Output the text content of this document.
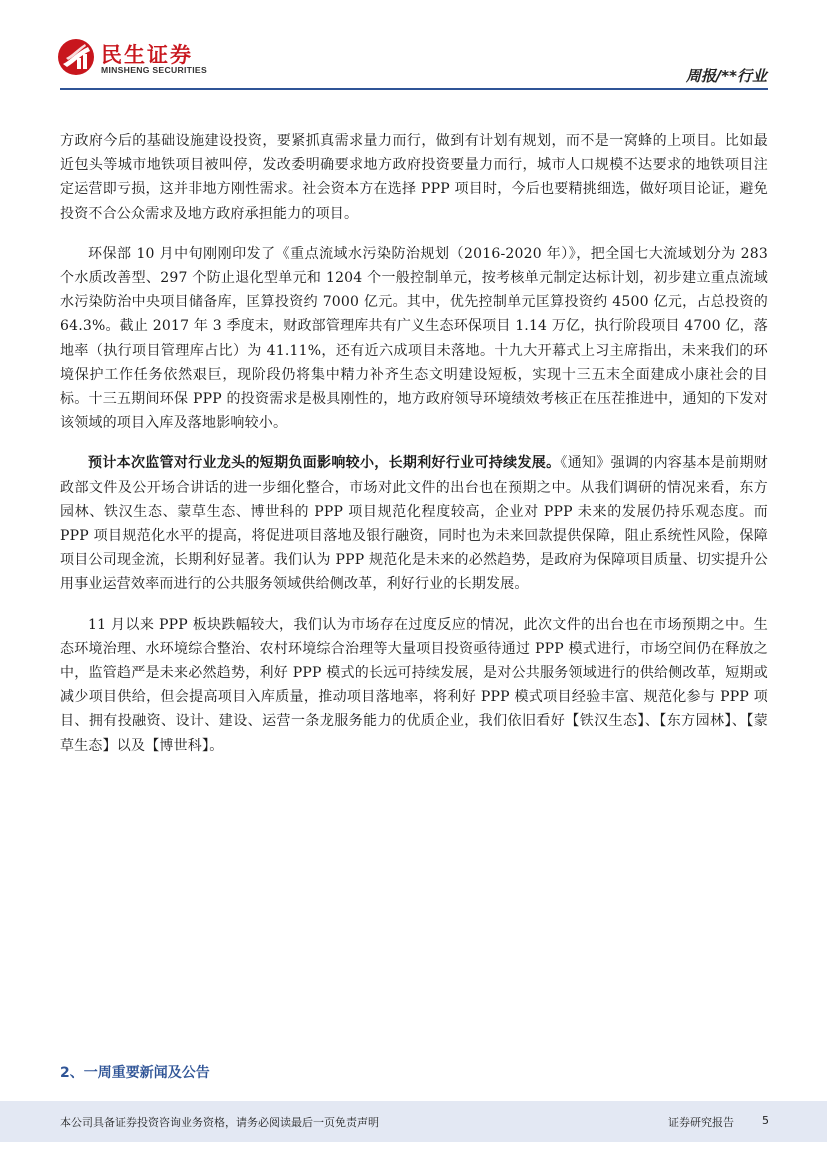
民生证券
MINSHENG SECURITIES	周报/**行业

方政府今后的基础设施建设投资，要紧抓真需求量力而行，做到有计划有规划，而不是一窝蜂的上项目。比如最近包头等城市地铁项目被叫停，发改委明确要求地方政府投资要量力而行，城市人口规模不达要求的地铁项目注定运营即亏损，这并非地方刚性需求。社会资本方在选择 PPP 项目时，今后也要精挑细选，做好项目论证，避免投资不合公众需求及地方政府承担能力的项目。

环保部 10 月中旬刚刚印发了《重点流域水污染防治规划（2016-2020 年）》，把全国七大流域划分为 283 个水质改善型、297 个防止退化型单元和 1204 个一般控制单元，按考核单元制定达标计划，初步建立重点流域水污染防治中央项目储备库，匡算投资约 7000 亿元。其中，优先控制单元匡算投资约 4500 亿元，占总投资的 64.3%。截止 2017 年 3 季度末，财政部管理库共有广义生态环保项目 1.14 万亿，执行阶段项目 4700 亿，落地率（执行项目管理库占比）为 41.11%，还有近六成项目未落地。十九大开幕式上习主席指出，未来我们的环境保护工作任务依然艰巨，现阶段仍将集中精力补齐生态文明建设短板，实现十三五末全面建成小康社会的目标。十三五期间环保 PPP 的投资需求是极具刚性的，地方政府领导环境绩效考核正在压茬推进中，通知的下发对该领域的项目入库及落地影响较小。

预计本次监管对行业龙头的短期负面影响较小，长期利好行业可持续发展。《通知》强调的内容基本是前期财政部文件及公开场合讲话的进一步细化整合，市场对此文件的出台也在预期之中。从我们调研的情况来看，东方园林、铁汉生态、蒙草生态、博世科的 PPP 项目规范化程度较高，企业对 PPP 未来的发展仍持乐观态度。而 PPP 项目规范化水平的提高，将促进项目落地及银行融资，同时也为未来回款提供保障，阻止系统性风险，保障项目公司现金流，长期利好显著。我们认为 PPP 规范化是未来的必然趋势，是政府为保障项目质量、切实提升公用事业运营效率而进行的公共服务领域供给侧改革，利好行业的长期发展。

11 月以来 PPP 板块跌幅较大，我们认为市场存在过度反应的情况，此次文件的出台也在市场预期之中。生态环境治理、水环境综合整治、农村环境综合治理等大量项目投资亟待通过 PPP 模式进行，市场空间仍在释放之中，监管趋严是未来必然趋势，利好 PPP 模式的长远可持续发展，是对公共服务领域进行的供给侧改革，短期或减少项目供给，但会提高项目入库质量，推动项目落地率，将利好 PPP 模式项目经验丰富、规范化参与 PPP 项目、拥有投融资、设计、建设、运营一条龙服务能力的优质企业，我们依旧看好【铁汉生态】、【东方园林】、【蒙草生态】以及【博世科】。

2、一周重要新闻及公告
本公司具备证券投资咨询业务资格，请务必阅读最后一页免责声明	证券研究报告	5
